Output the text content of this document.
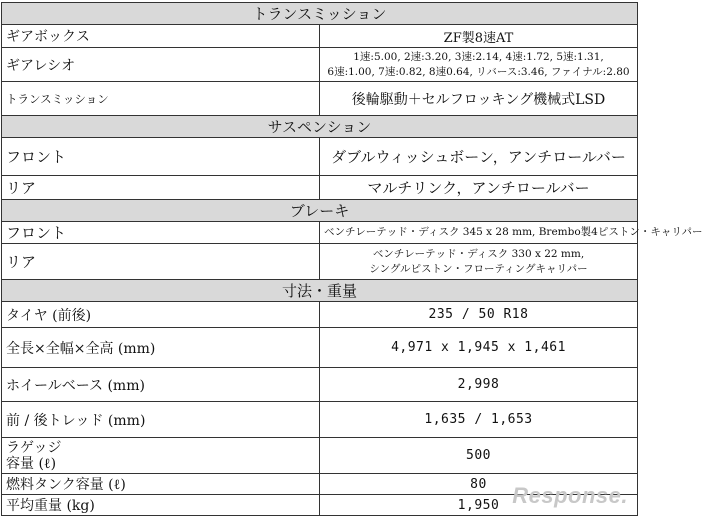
トランスミッション	
ギアボックス	ZF製8速AT
ギアレシオ	1速:5.00, 2速:3.20, 3速:2.14, 4速:1.72, 5速:1.31,
6速:1.00, 7速:0.82, 8速0.64, リバース:3.46, ファイナル:2.80

トランスミッション	後輪駆動＋セルフロッキング機械式LSD
サスペンション	
フロント	ダブルウィッシュボーン，アンチロールバー
リア	マルチリンク，アンチロールバー
ブレーキ	
フロント	ベンチレーテッド・ディスク 345 x 28 mm, Brembo製4ピストン・キャリパー
リア	ベンチレーテッド・ディスク 330 x 22 mm,
シングルピストン・フローティングキャリパー

寸法・重量	
タイヤ (前後)	235 / 50 R18
全長×全幅×全高 (mm)	4,971 x 1,945 x 1,461
ホイールベース (mm)	2,998
前 / 後トレッド (mm)	1,635 / 1,653

ラゲッジ
容量 (ℓ)	500
燃料タンク容量 (ℓ)	80
平均重量 (kg)	1,950 Response.
